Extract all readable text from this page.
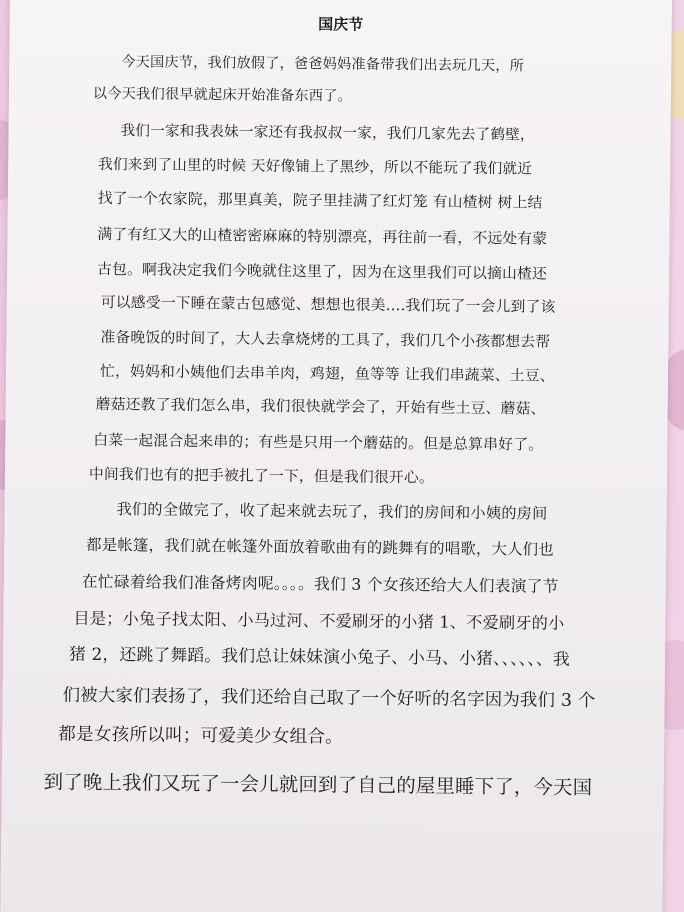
国庆节

今天国庆节，我们放假了，爸爸妈妈准备带我们出去玩几天，所

以今天我们很早就起床开始准备东西了。

我们一家和我表妹一家还有我叔叔一家，我们几家先去了鹤壁，

我们来到了山里的时候 天好像铺上了黑纱，所以不能玩了我们就近

找了一个农家院，那里真美，院子里挂满了红灯笼 有山楂树 树上结

满了有红又大的山楂密密麻麻的特别漂亮，再往前一看，不远处有蒙

古包。啊我决定我们今晚就住这里了，因为在这里我们可以摘山楂还

可以感受一下睡在蒙古包感觉、想想也很美….我们玩了一会儿到了该

准备晚饭的时间了，大人去拿烧烤的工具了，我们几个小孩都想去帮

忙，妈妈和小姨他们去串羊肉，鸡翅，鱼等等 让我们串蔬菜、土豆、

蘑菇还教了我们怎么串，我们很快就学会了，开始有些土豆、蘑菇、

白菜一起混合起来串的；有些是只用一个蘑菇的。但是总算串好了。

中间我们也有的把手被扎了一下，但是我们很开心。

我们的全做完了，收了起来就去玩了，我们的房间和小姨的房间

都是帐篷，我们就在帐篷外面放着歌曲有的跳舞有的唱歌，大人们也

在忙碌着给我们准备烤肉呢。。。。我们 3 个女孩还给大人们表演了节

目是；小兔子找太阳、小马过河、不爱刷牙的小猪 1、不爱刷牙的小

猪 2，还跳了舞蹈。我们总让妹妹演小兔子、小马、小猪、、、、、、我

们被大家们表扬了，我们还给自己取了一个好听的名字因为我们 3 个

都是女孩所以叫；可爱美少女组合。

到了晚上我们又玩了一会儿就回到了自己的屋里睡下了，今天国
